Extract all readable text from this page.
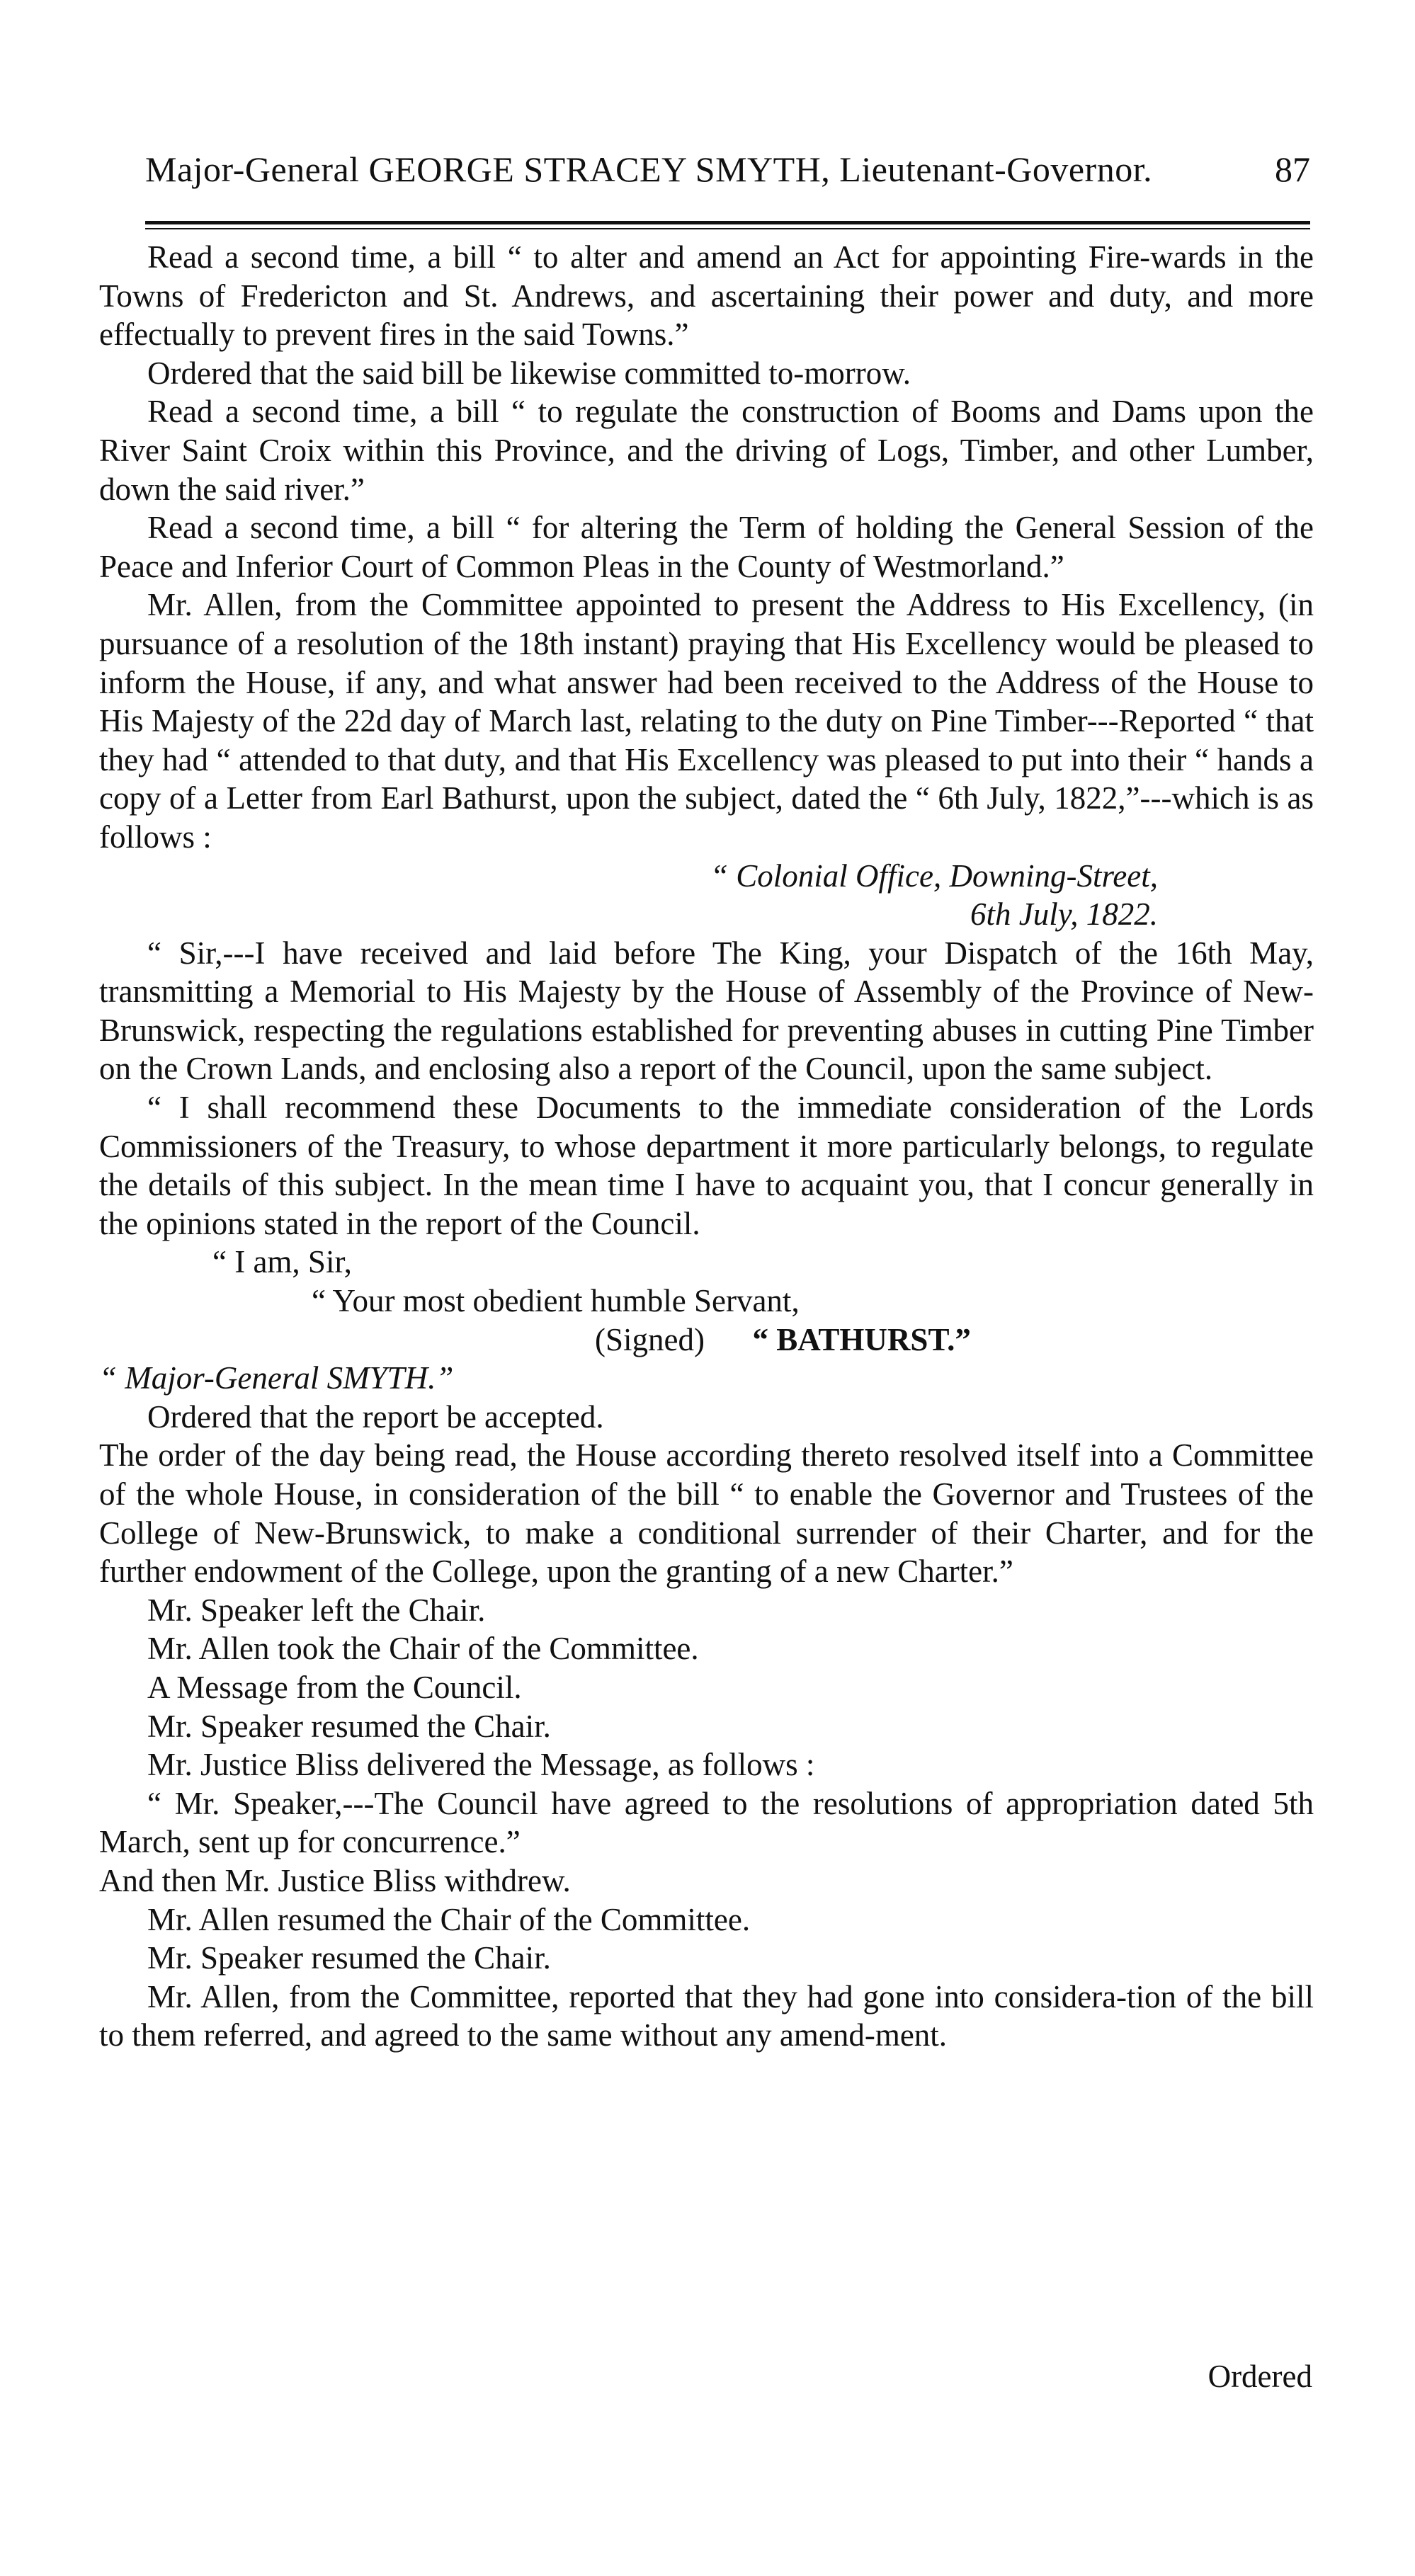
Major-General GEORGE STRACEY SMYTH, Lieutenant-Governor.	87

Read a second time, a bill “ to alter and amend an Act for appointing Fire-wards in the Towns of Fredericton and St. Andrews, and ascertaining their power and duty, and more effectually to prevent fires in the said Towns.”

Ordered that the said bill be likewise committed to-morrow.

Read a second time, a bill “ to regulate the construction of Booms and Dams upon the River Saint Croix within this Province, and the driving of Logs, Timber, and other Lumber, down the said river.”

Read a second time, a bill “ for altering the Term of holding the General Session of the Peace and Inferior Court of Common Pleas in the County of Westmorland.”

Mr. Allen, from the Committee appointed to present the Address to His Excellency, (in pursuance of a resolution of the 18th instant) praying that His Excellency would be pleased to inform the House, if any, and what answer had been received to the Address of the House to His Majesty of the 22d day of March last, relating to the duty on Pine Timber---Reported “ that they had “ attended to that duty, and that His Excellency was pleased to put into their “ hands a copy of a Letter from Earl Bathurst, upon the subject, dated the “ 6th July, 1822,”---which is as follows :

“ Colonial Office, Downing-Street,

6th July, 1822.

“ Sir,---I have received and laid before The King, your Dispatch of the 16th May, transmitting a Memorial to His Majesty by the House of Assembly of the Province of New-Brunswick, respecting the regulations established for preventing abuses in cutting Pine Timber on the Crown Lands, and enclosing also a report of the Council, upon the same subject.

“ I shall recommend these Documents to the immediate consideration of the Lords Commissioners of the Treasury, to whose department it more particularly belongs, to regulate the details of this subject. In the mean time I have to acquaint you, that I concur generally in the opinions stated in the report of the Council.

“ I am, Sir,

“ Your most obedient humble Servant,

(Signed) “ BATHURST.”

“ Major-General SMYTH.”

Ordered that the report be accepted.

The order of the day being read, the House according thereto resolved itself into a Committee of the whole House, in consideration of the bill “ to enable the Governor and Trustees of the College of New-Brunswick, to make a conditional surrender of their Charter, and for the further endowment of the College, upon the granting of a new Charter.”

Mr. Speaker left the Chair.

Mr. Allen took the Chair of the Committee.

A Message from the Council.

Mr. Speaker resumed the Chair.

Mr. Justice Bliss delivered the Message, as follows :

“ Mr. Speaker,---The Council have agreed to the resolutions of appropriation dated 5th March, sent up for concurrence.”

And then Mr. Justice Bliss withdrew.

Mr. Allen resumed the Chair of the Committee.

Mr. Speaker resumed the Chair.

Mr. Allen, from the Committee, reported that they had gone into considera-tion of the bill to them referred, and agreed to the same without any amend-ment.

Ordered
